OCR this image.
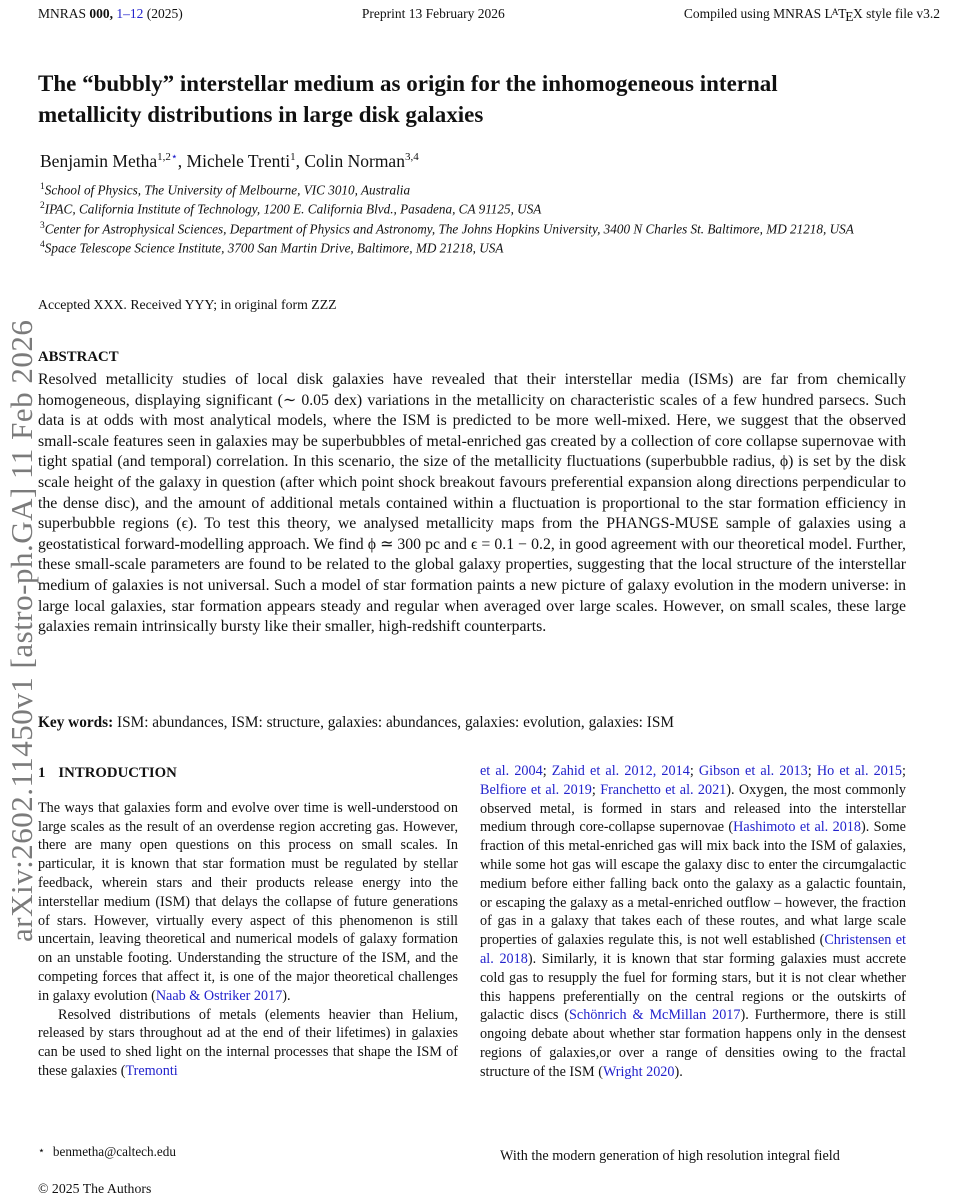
MNRAS 000, 1–12 (2025)	Preprint 13 February 2026	Compiled using MNRAS $L^ATEX$ style file v3.2
arXiv:2602.11450v1 [astro-ph.GA] 11 Feb 2026
The “bubbly” interstellar medium as origin for the inhomogeneous internal metallicity distributions in large disk galaxies
Benjamin Metha$^{1,2⋆}$, Michele Trenti$^1$, Colin Norman$^{3,4}$
$^1$School of Physics, The University of Melbourne, VIC 3010, Australia
$^2$IPAC, California Institute of Technology, 1200 E. California Blvd., Pasadena, CA 91125, USA
$^3$Center for Astrophysical Sciences, Department of Physics and Astronomy, The Johns Hopkins University, 3400 N Charles St. Baltimore, MD 21218, USA
$^4$Space Telescope Science Institute, 3700 San Martin Drive, Baltimore, MD 21218, USA
Accepted XXX. Received YYY; in original form ZZZ
ABSTRACT
Resolved metallicity studies of local disk galaxies have revealed that their interstellar media (ISMs) are far from chemically homogeneous, displaying significant (∼ 0.05 dex) variations in the metallicity on characteristic scales of a few hundred parsecs. Such data is at odds with most analytical models, where the ISM is predicted to be more well-mixed. Here, we suggest that the observed small-scale features seen in galaxies may be superbubbles of metal-enriched gas created by a collection of core collapse supernovae with tight spatial (and temporal) correlation. In this scenario, the size of the metallicity fluctuations (superbubble radius, ϕ) is set by the disk scale height of the galaxy in question (after which point shock breakout favours preferential expansion along directions perpendicular to the dense disc), and the amount of additional metals contained within a fluctuation is proportional to the star formation efficiency in superbubble regions (ϵ). To test this theory, we analysed metallicity maps from the PHANGS-MUSE sample of galaxies using a geostatistical forward-modelling approach. We find ϕ ≃ 300 pc and ϵ = 0.1 − 0.2, in good agreement with our theoretical model. Further, these small-scale parameters are found to be related to the global galaxy properties, suggesting that the local structure of the interstellar medium of galaxies is not universal. Such a model of star formation paints a new picture of galaxy evolution in the modern universe: in large local galaxies, star formation appears steady and regular when averaged over large scales. However, on small scales, these large galaxies remain intrinsically bursty like their smaller, high-redshift counterparts.
Key words: ISM: abundances, ISM: structure, galaxies: abundances, galaxies: evolution, galaxies: ISM
1 INTRODUCTION

The ways that galaxies form and evolve over time is well-understood on large scales as the result of an overdense region accreting gas. However, there are many open questions on this process on small scales. In particular, it is known that star formation must be regulated by stellar feedback, wherein stars and their products release energy into the interstellar medium (ISM) that delays the collapse of future generations of stars. However, virtually every aspect of this phenomenon is still uncertain, leaving theoretical and numerical models of galaxy formation on an unstable footing. Understanding the structure of the ISM, and the competing forces that affect it, is one of the major theoretical challenges in galaxy evolution (Naab & Ostriker 2017).

Resolved distributions of metals (elements heavier than Helium, released by stars throughout ad at the end of their lifetimes) in galaxies can be used to shed light on the internal processes that shape the ISM of these galaxies (Tremonti

et al. 2004; Zahid et al. 2012, 2014; Gibson et al. 2013; Ho et al. 2015; Belfiore et al. 2019; Franchetto et al. 2021). Oxygen, the most commonly observed metal, is formed in stars and released into the interstellar medium through core-collapse supernovae (Hashimoto et al. 2018). Some fraction of this metal-enriched gas will mix back into the ISM of galaxies, while some hot gas will escape the galaxy disc to enter the circumgalactic medium before either falling back onto the galaxy as a galactic fountain, or escaping the galaxy as a metal-enriched outflow – however, the fraction of gas in a galaxy that takes each of these routes, and what large scale properties of galaxies regulate this, is not well established (Christensen et al. 2018). Similarly, it is known that star forming galaxies must accrete cold gas to resupply the fuel for forming stars, but it is not clear whether this happens preferentially on the central regions or the outskirts of galactic discs (Schönrich & McMillan 2017). Furthermore, there is still ongoing debate about whether star formation happens only in the densest regions of galaxies,or over a range of densities owing to the fractal structure of the ISM (Wright 2020).

With the modern generation of high resolution integral field
⋆ benmetha@caltech.edu
© 2025 The Authors
